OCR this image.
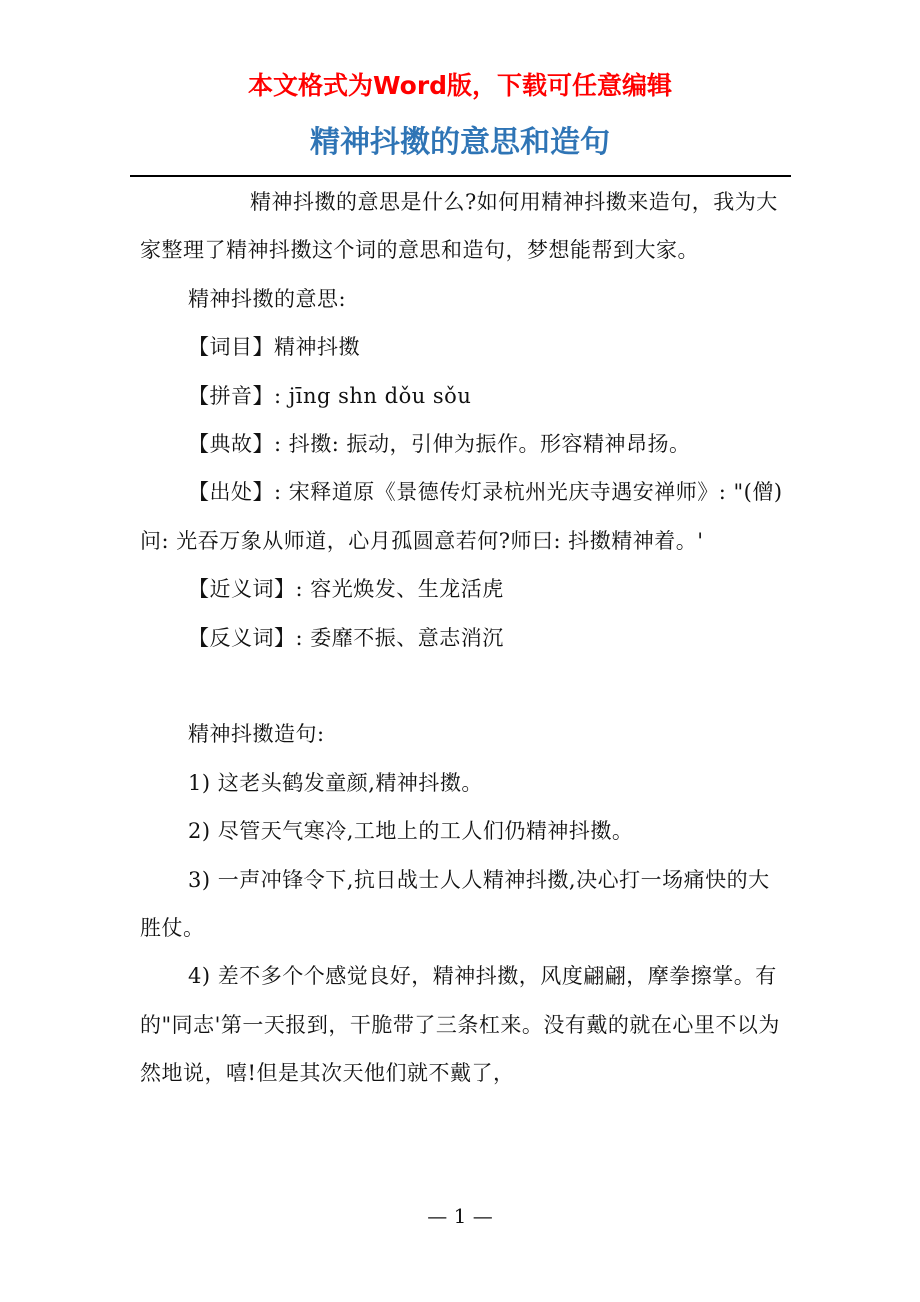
本文格式为Word版，下载可任意编辑
精神抖擞的意思和造句

精神抖擞的意思是什么?如何用精神抖擞来造句，我为大家整理了精神抖擞这个词的意思和造句，梦想能帮到大家。

精神抖擞的意思:

【词目】精神抖擞

【拼音】: jīng shn dǒu sǒu

【典故】: 抖擞: 振动，引伸为振作。形容精神昂扬。

【出处】: 宋释道原《景德传灯录杭州光庆寺遇安禅师》: "(僧)问: 光吞万象从师道，心月孤圆意若何?师曰: 抖擞精神着。'

【近义词】: 容光焕发、生龙活虎

【反义词】: 委靡不振、意志消沉

精神抖擞造句:

1) 这老头鹤发童颜,精神抖擞。

2) 尽管天气寒冷,工地上的工人们仍精神抖擞。

3) 一声冲锋令下,抗日战士人人精神抖擞,决心打一场痛快的大胜仗。

4) 差不多个个感觉良好，精神抖擞，风度翩翩，摩拳擦掌。有的"同志'第一天报到，干脆带了三条杠来。没有戴的就在心里不以为然地说，嘻!但是其次天他们就不戴了，

— 1 —
